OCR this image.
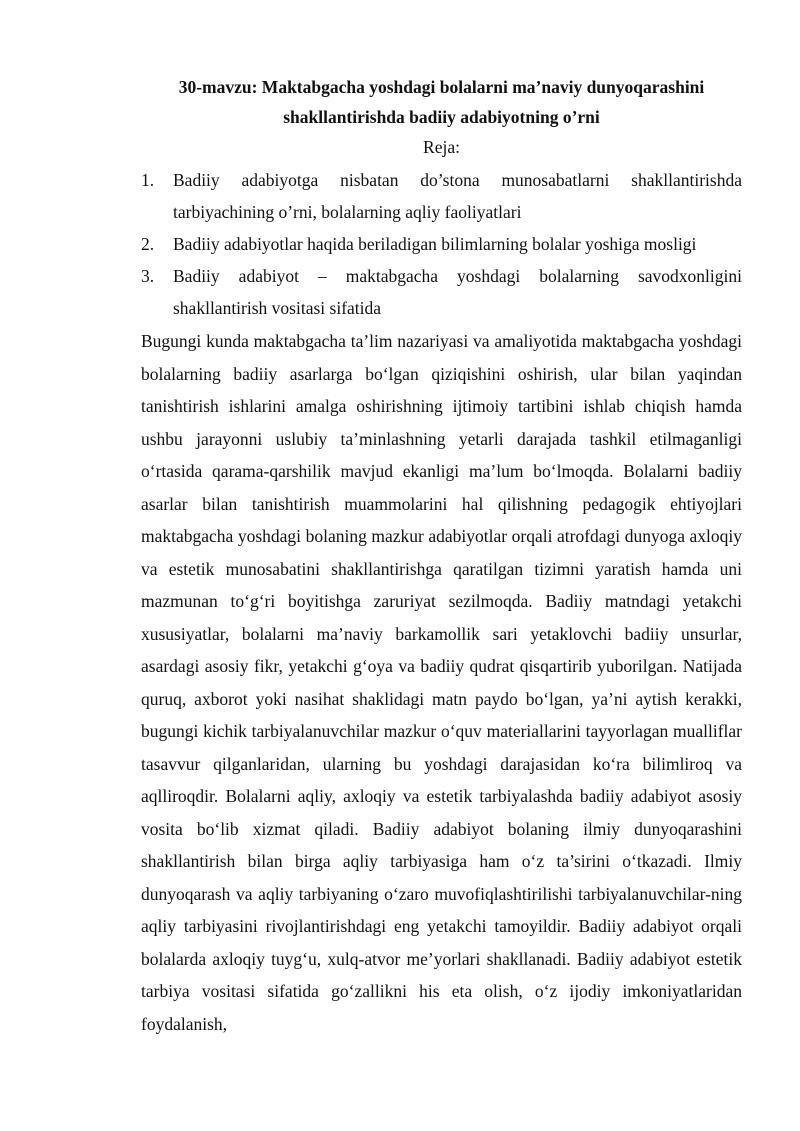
30-mavzu: Maktabgacha yoshdagi bolalarni ma’naviy dunyoqarashini
shakllantirishda badiiy adabiyotning o’rni

Reja:

1. Badiiy adabiyotga nisbatan do’stona munosabatlarni shakllantirishda tarbiyachining o’rni, bolalarning aqliy faoliyatlari
2. Badiiy adabiyotlar haqida beriladigan bilimlarning bolalar yoshiga mosligi
3. Badiiy adabiyot – maktabgacha yoshdagi bolalarning savodxonligini shakllantirish vositasi sifatida

Bugungi kunda maktabgacha ta’lim nazariyasi va amaliyotida maktabgacha yoshdagi bolalarning badiiy asarlarga bo‘lgan qiziqishini oshirish, ular bilan yaqindan tanishtirish ishlarini amalga oshirishning ijtimoiy tartibini ishlab chiqish hamda ushbu jarayonni uslubiy ta’minlashning yetarli darajada tashkil etilmaganligi o‘rtasida qarama-qarshilik mavjud ekanligi ma’lum bo‘lmoqda. Bolalarni badiiy asarlar bilan tanishtirish muammolarini hal qilishning pedagogik ehtiyojlari maktabgacha yoshdagi bolaning mazkur adabiyotlar orqali atrofdagi dunyoga axloqiy va estetik munosabatini shakllantirishga qaratilgan tizimni yaratish hamda uni mazmunan to‘g‘ri boyitishga zaruriyat sezilmoqda. Badiiy matndagi yetakchi xususiyatlar, bolalarni ma’naviy barkamollik sari yetaklovchi badiiy unsurlar, asardagi asosiy fikr, yetakchi g‘oya va badiiy qudrat qisqartirib yuborilgan. Natijada quruq, axborot yoki nasihat shaklidagi matn paydo bo‘lgan, ya’ni aytish kerakki, bugungi kichik tarbiyalanuvchilar mazkur o‘quv materiallarini tayyorlagan mualliflar tasavvur qilganlaridan, ularning bu yoshdagi darajasidan ko‘ra bilimliroq va aqlliroqdir. Bolalarni aqliy, axloqiy va estetik tarbiyalashda badiiy adabiyot asosiy vosita bo‘lib xizmat qiladi. Badiiy adabiyot bolaning ilmiy dunyoqarashini shakllantirish bilan birga aqliy tarbiyasiga ham o‘z ta’sirini o‘tkazadi. Ilmiy dunyoqarash va aqliy tarbiyaning o‘zaro muvofiqlashtirilishi tarbiyalanuvchilar-ning aqliy tarbiyasini rivojlantirishdagi eng yetakchi tamoyildir. Badiiy adabiyot orqali bolalarda axloqiy tuyg‘u, xulq-atvor me’yorlari shakllanadi. Badiiy adabiyot estetik tarbiya vositasi sifatida go‘zallikni his eta olish, o‘z ijodiy imkoniyatlaridan foydalanish,
